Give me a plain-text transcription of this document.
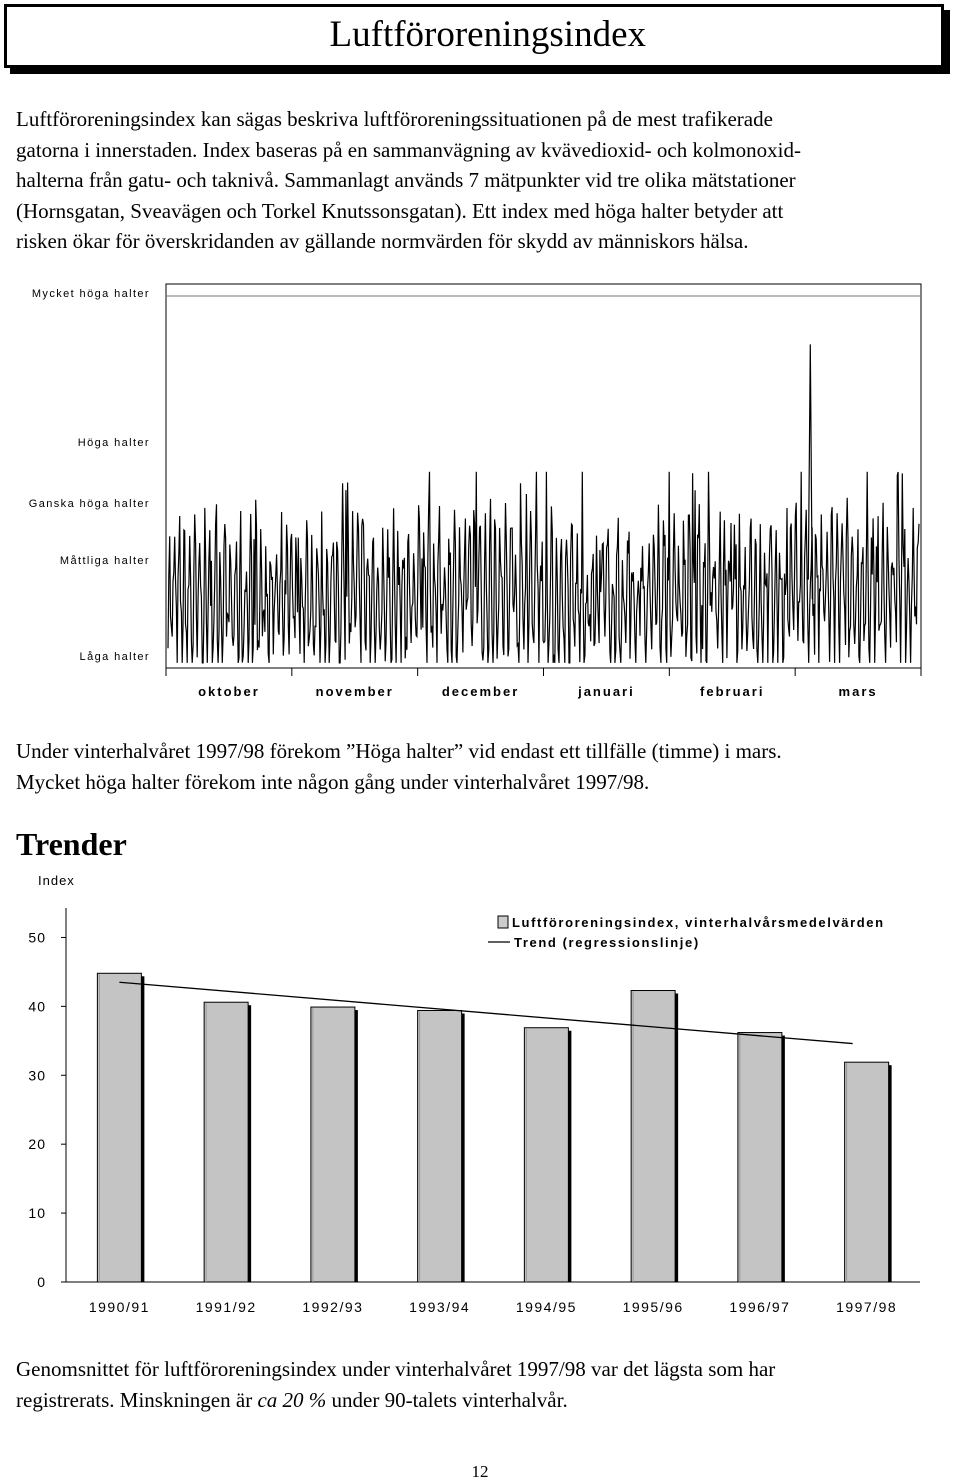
Luftföroreningsindex
Luftföroreningsindex kan sägas beskriva luftföroreningssituationen på de mest trafikerade
gatorna i innerstaden. Index baseras på en sammanvägning av kvävedioxid- och kolmonoxid-
halterna från gatu- och taknivå. Sammanlagt används 7 mätpunkter vid tre olika mätstationer
(Hornsgatan, Sveavägen och Torkel Knutssonsgatan). Ett index med höga halter betyder att
risken ökar för överskridanden av gällande normvärden för skydd av människors hälsa.
Låga halter
Måttliga halter
Ganska höga halter
Höga halter
Mycket höga halter
oktober	november	december	januari	februari	mars
Under vinterhalvåret 1997/98 förekom ”Höga halter” vid endast ett tillfälle (timme) i mars.
Mycket höga halter förekom inte någon gång under vinterhalvåret 1997/98.
Trender
Index
0
10
20
30
40
50
Luftföroreningsindex, vinterhalvårsmedelvärden
Trend (regressionslinje)
1990/91	1991/92	1992/93	1993/94	1994/95	1995/96	1996/97	1997/98
Genomsnittet för luftföroreningsindex under vinterhalvåret 1997/98 var det lägsta som har
registrerats. Minskningen är ca 20 % under 90-talets vinterhalvår.
12
